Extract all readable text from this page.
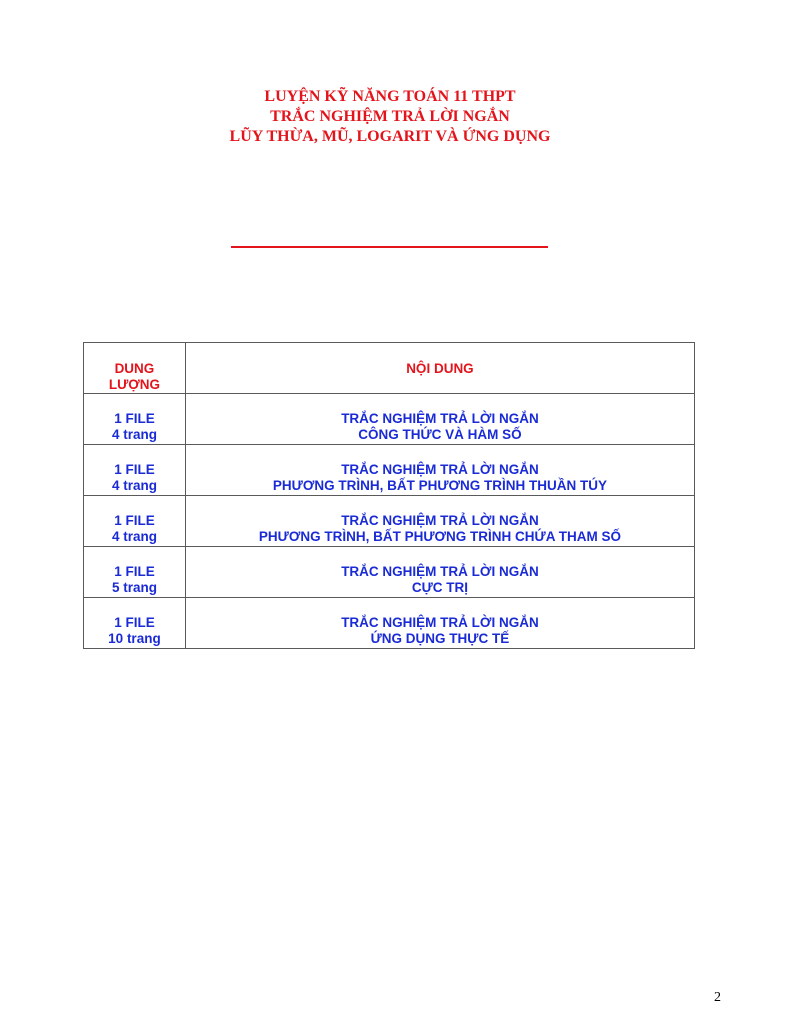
LUYỆN KỸ NĂNG TOÁN 11 THPT
TRẮC NGHIỆM TRẢ LỜI NGẮN
LŨY THỪA, MŨ, LOGARIT VÀ ỨNG DỤNG
DUNG
LƯỢNG	NỘI DUNG

1 FILE
4 trang	TRẮC NGHIỆM TRẢ LỜI NGẮN
CÔNG THỨC VÀ HÀM SỐ

1 FILE
4 trang	TRẮC NGHIỆM TRẢ LỜI NGẮN
PHƯƠNG TRÌNH, BẤT PHƯƠNG TRÌNH THUẦN TÚY

1 FILE
4 trang	TRẮC NGHIỆM TRẢ LỜI NGẮN
PHƯƠNG TRÌNH, BẤT PHƯƠNG TRÌNH CHỨA THAM SỐ

1 FILE
5 trang	TRẮC NGHIỆM TRẢ LỜI NGẮN
CỰC TRỊ

1 FILE
10 trang	TRẮC NGHIỆM TRẢ LỜI NGẮN
ỨNG DỤNG THỰC TẾ
2
